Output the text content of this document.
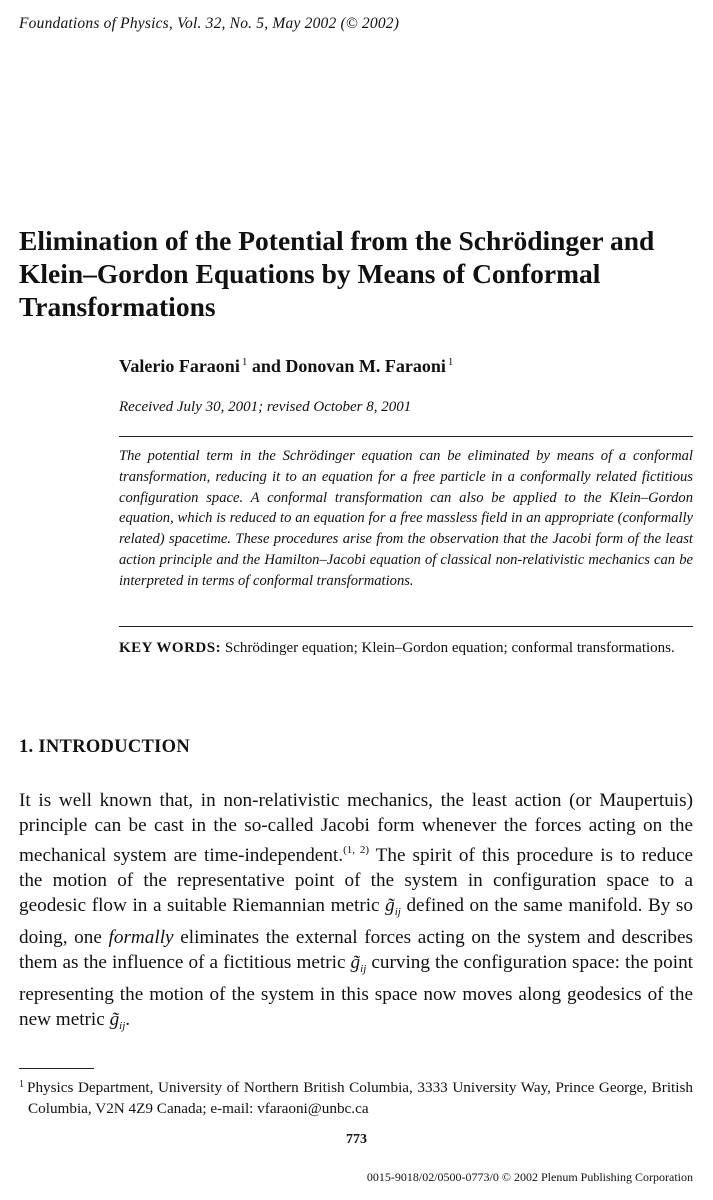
Foundations of Physics, Vol. 32, No. 5, May 2002 (© 2002)
Elimination of the Potential from the Schrödinger and
Klein–Gordon Equations by Means of Conformal
Transformations
Valerio Faraoni $^1$ and Donovan M. Faraoni $^1$
Received July 30, 2001; revised October 8, 2001
The potential term in the Schrödinger equation can be eliminated by means of a conformal transformation, reducing it to an equation for a free particle in a conformally related fictitious configuration space. A conformal transformation can also be applied to the Klein–Gordon equation, which is reduced to an equation for a free massless field in an appropriate (conformally related) spacetime. These procedures arise from the observation that the Jacobi form of the least action principle and the Hamilton–Jacobi equation of classical non-relativistic mechanics can be interpreted in terms of conformal transformations.
KEY WORDS: Schrödinger equation; Klein–Gordon equation; conformal transformations.
1. INTRODUCTION
It is well known that, in non-relativistic mechanics, the least action (or Maupertuis) principle can be cast in the so-called Jacobi form whenever the forces acting on the mechanical system are time-independent.$^{(1, 2)}$ The spirit of this procedure is to reduce the motion of the representative point of the system in configuration space to a geodesic flow in a suitable Riemannian metric $g̃_{ij}$ defined on the same manifold. By so doing, one formally eliminates the external forces acting on the system and describes them as the influence of a fictitious metric $g̃_{ij}$ curving the configuration space: the point representing the motion of the system in this space now moves along geodesics of the new metric $g̃_{ij}$.
$^1$ Physics Department, University of Northern British Columbia, 3333 University Way, Prince George, British Columbia, V2N 4Z9 Canada; e-mail: vfaraoni@unbc.ca
773
0015-9018/02/0500-0773/0 © 2002 Plenum Publishing Corporation
